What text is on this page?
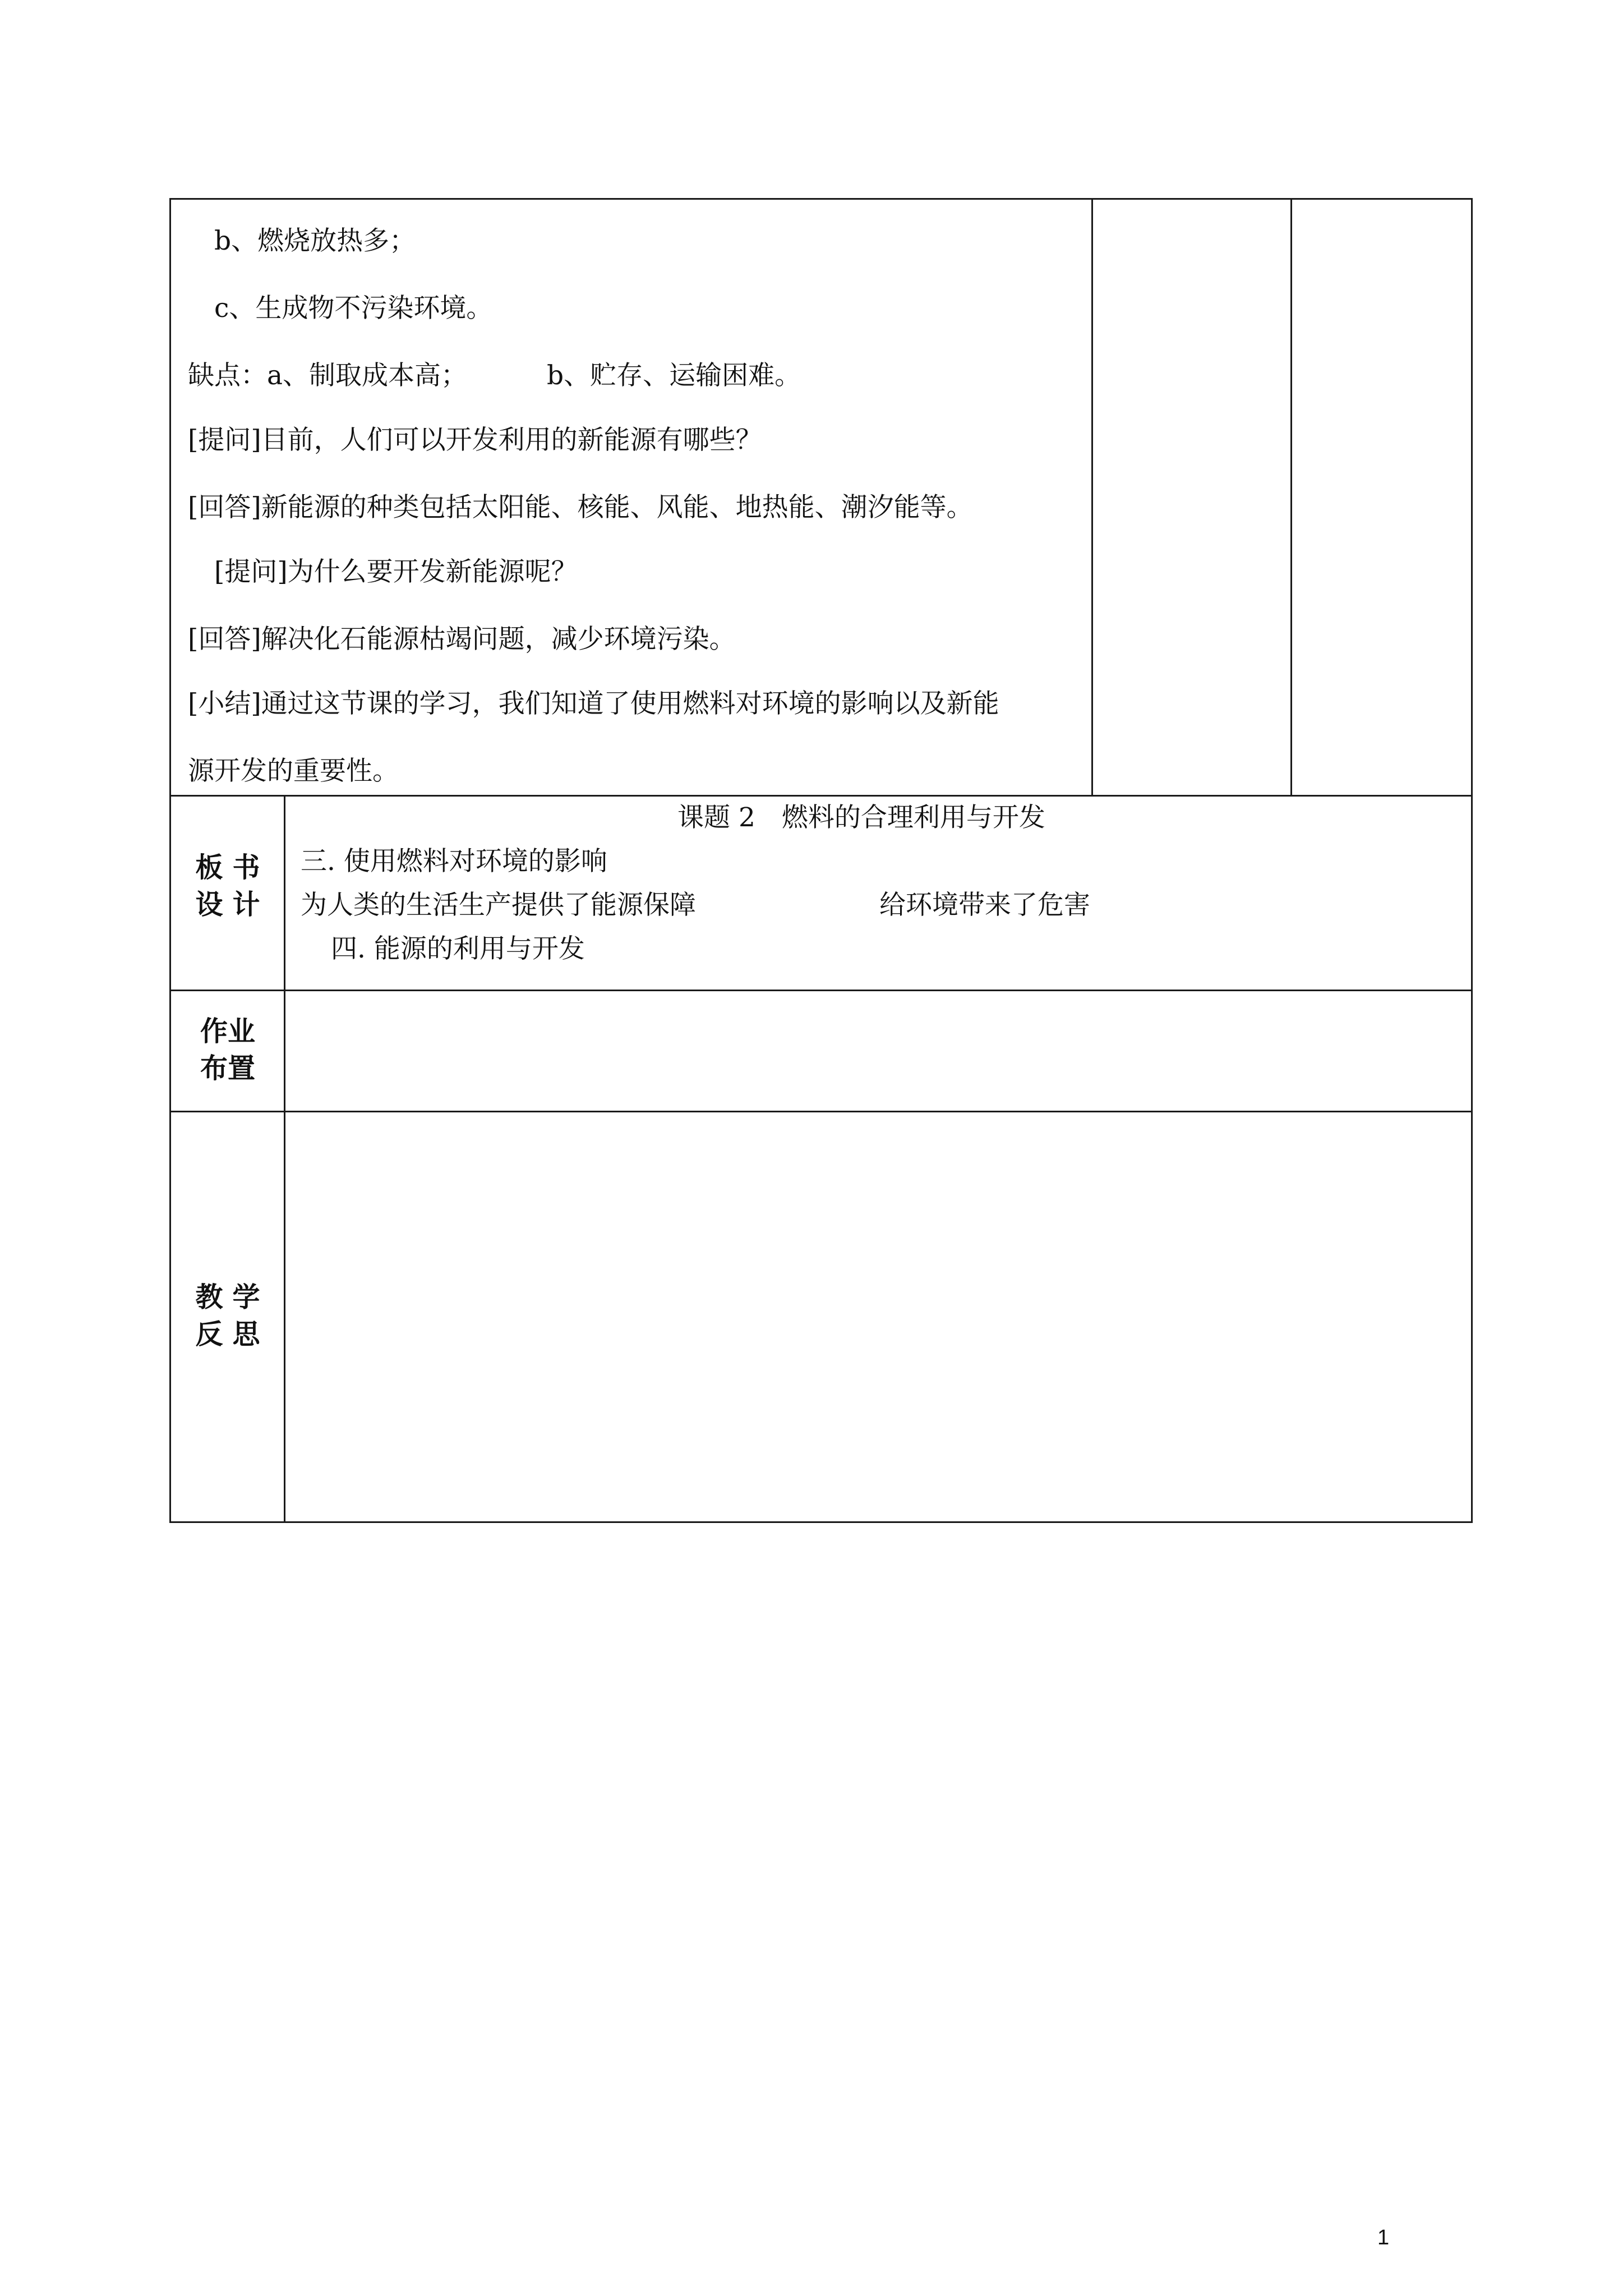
b、燃烧放热多；
c、生成物不污染环境。
缺点：a、制取成本高；	b、贮存、运输困难。
[提问]目前，人们可以开发利用的新能源有哪些？
[回答]新能源的种类包括太阳能、核能、风能、地热能、潮汐能等。
[提问]为什么要开发新能源呢？
[回答]解决化石能源枯竭问题，减少环境污染。
[小结]通过这节课的学习，我们知道了使用燃料对环境的影响以及新能
源开发的重要性。
板 书
设 计
课题 2　燃料的合理利用与开发
三. 使用燃料对环境的影响
为人类的生活生产提供了能源保障	给环境带来了危害
四. 能源的利用与开发
作业
布置
教 学
反 思
1
